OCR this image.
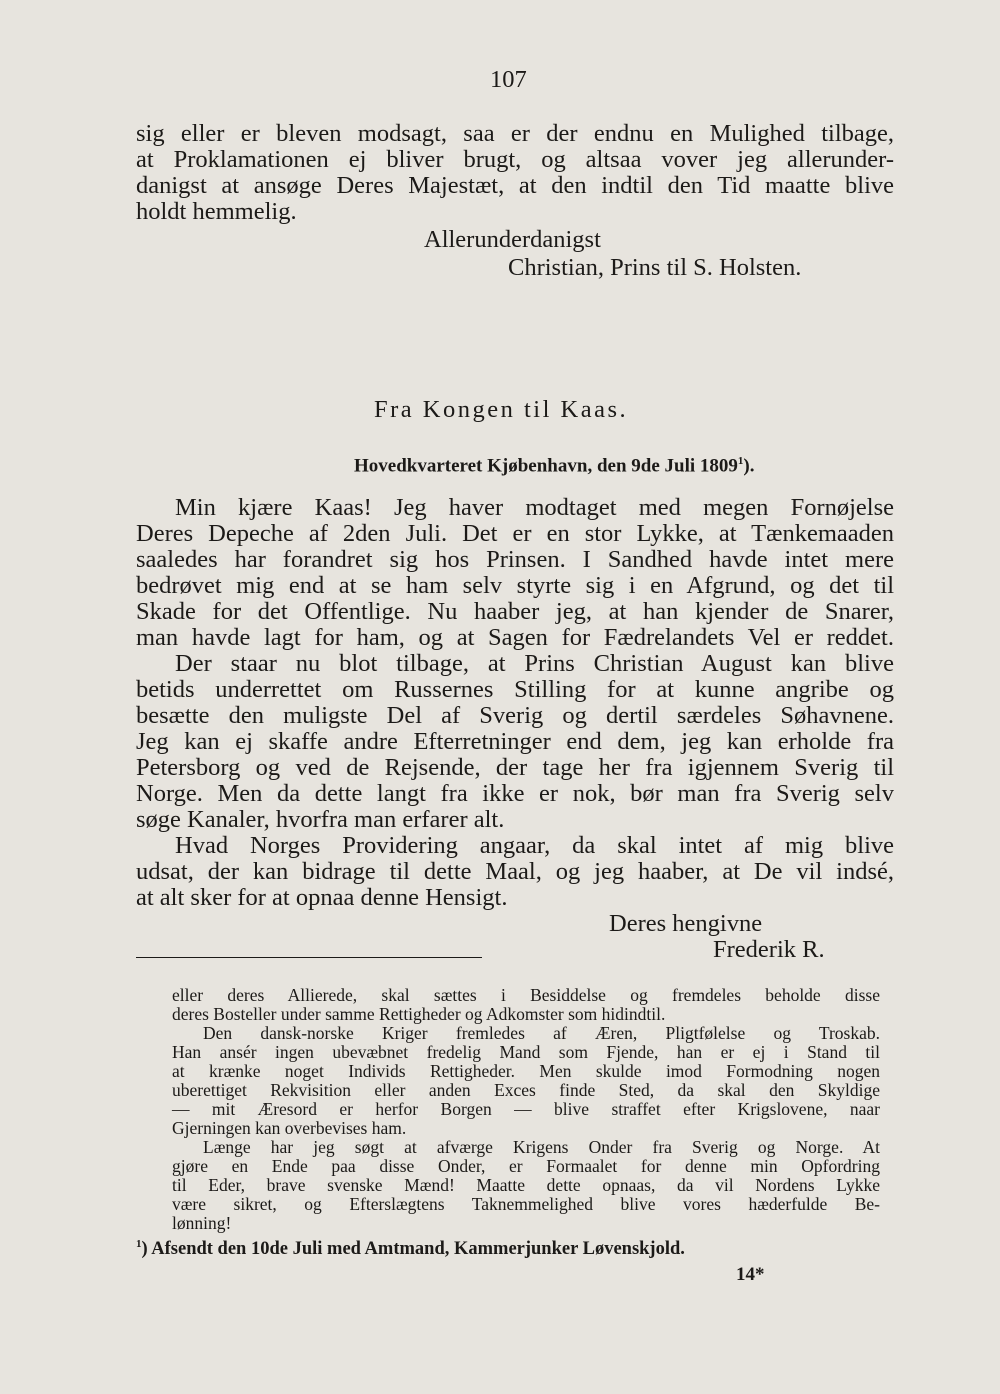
107
sig eller er bleven modsagt, saa er der endnu en Mulighed tilbage,
at Proklamationen ej bliver brugt, og altsaa vover jeg allerunder-
danigst at ansøge Deres Majestæt, at den indtil den Tid maatte blive
holdt hemmelig.
Allerunderdanigst
Christian, Prins til S. Holsten.
Fra Kongen til Kaas.
Hovedkvarteret Kjøbenhavn, den 9de Juli 1809$^1$).
Min kjære Kaas! Jeg haver modtaget med megen Fornøjelse
Deres Depeche af 2den Juli. Det er en stor Lykke, at Tænkemaaden
saaledes har forandret sig hos Prinsen. I Sandhed havde intet mere
bedrøvet mig end at se ham selv styrte sig i en Afgrund, og det til
Skade for det Offentlige. Nu haaber jeg, at han kjender de Snarer,
man havde lagt for ham, og at Sagen for Fædrelandets Vel er reddet.
Der staar nu blot tilbage, at Prins Christian August kan blive
betids underrettet om Russernes Stilling for at kunne angribe og
besætte den muligste Del af Sverig og dertil særdeles Søhavnene.
Jeg kan ej skaffe andre Efterretninger end dem, jeg kan erholde fra
Petersborg og ved de Rejsende, der tage her fra igjennem Sverig til
Norge. Men da dette langt fra ikke er nok, bør man fra Sverig selv
søge Kanaler, hvorfra man erfarer alt.
Hvad Norges Providering angaar, da skal intet af mig blive
udsat, der kan bidrage til dette Maal, og jeg haaber, at De vil indsé,
at alt sker for at opnaa denne Hensigt.
Deres hengivne
Frederik R.
eller deres Allierede, skal sættes i Besiddelse og fremdeles beholde disse
deres Bosteller under samme Rettigheder og Adkomster som hidindtil.
Den dansk-norske Kriger fremledes af Æren, Pligtfølelse og Troskab.
Han ansér ingen ubevæbnet fredelig Mand som Fjende, han er ej i Stand til
at krænke noget Individs Rettigheder. Men skulde imod Formodning nogen
uberettiget Rekvisition eller anden Exces finde Sted, da skal den Skyldige
— mit Æresord er herfor Borgen — blive straffet efter Krigslovene, naar
Gjerningen kan overbevises ham.
Længe har jeg søgt at afværge Krigens Onder fra Sverig og Norge. At
gjøre en Ende paa disse Onder, er Formaalet for denne min Opfordring
til Eder, brave svenske Mænd! Maatte dette opnaas, da vil Nordens Lykke
være sikret, og Efterslægtens Taknemmelighed blive vores hæderfulde Be-
lønning!
$^1$) Afsendt den 10de Juli med Amtmand, Kammerjunker Løvenskjold.
14*
